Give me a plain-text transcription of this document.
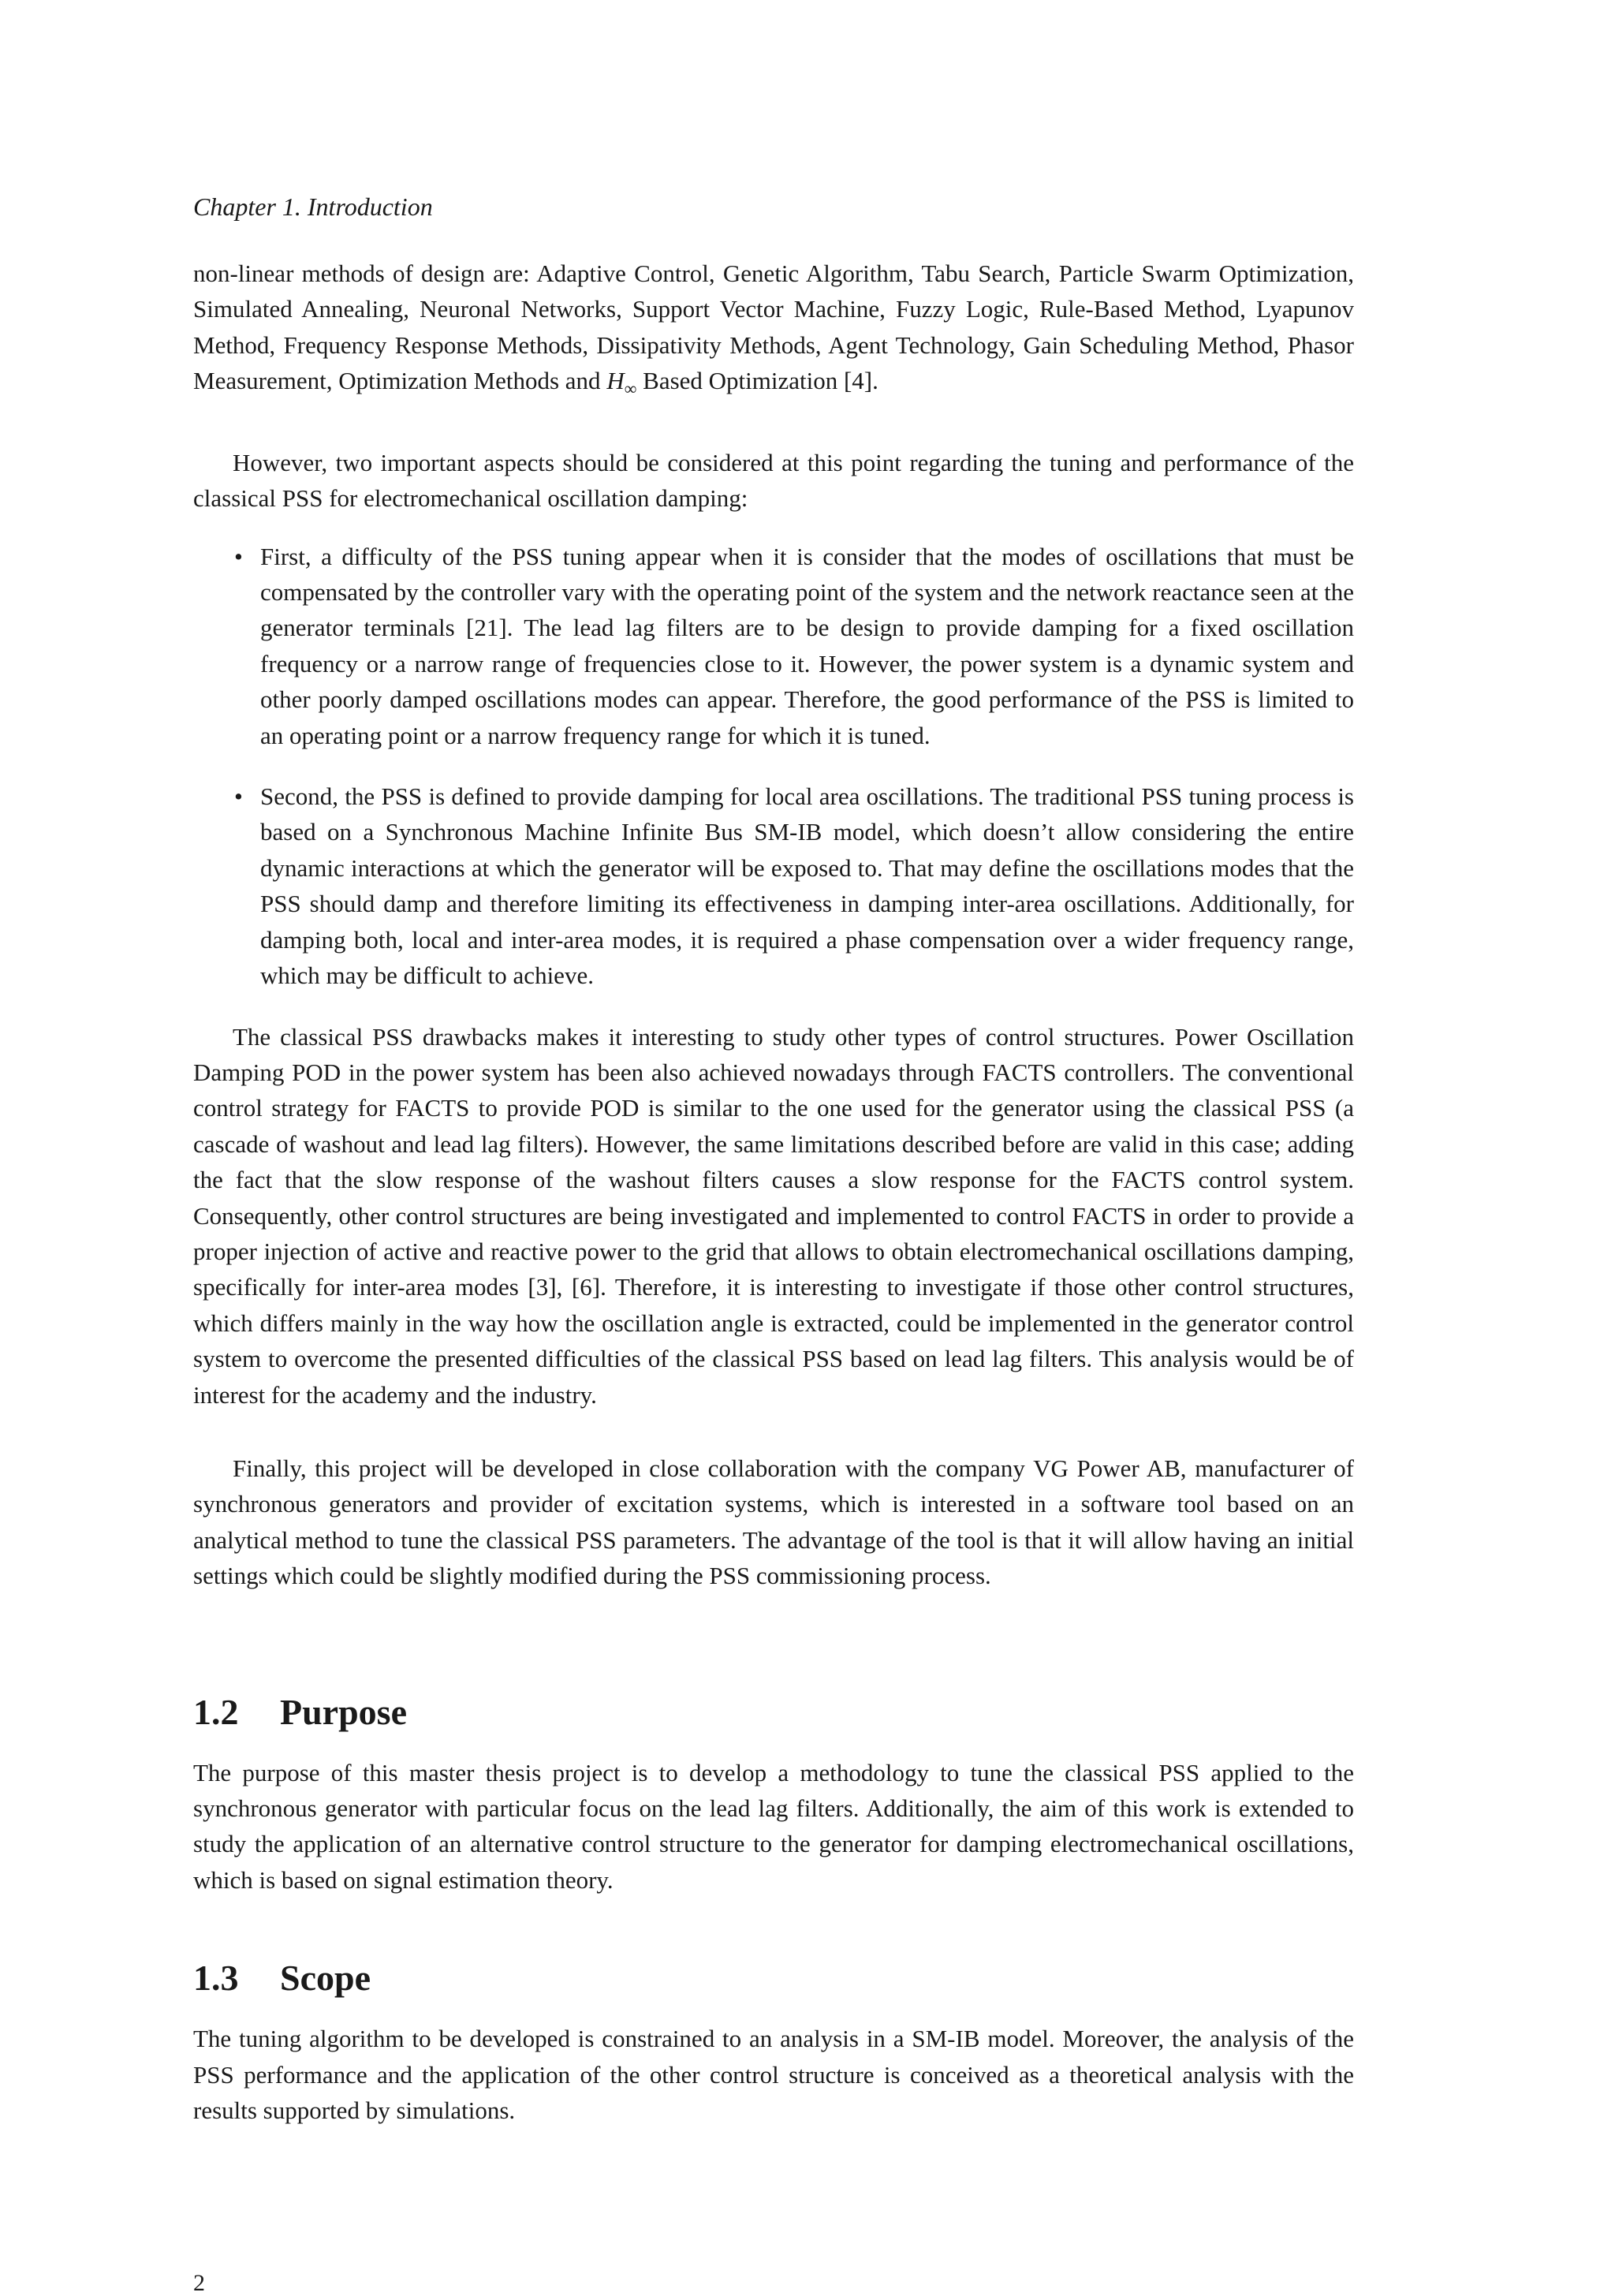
Chapter 1. Introduction

non-linear methods of design are: Adaptive Control, Genetic Algorithm, Tabu Search, Particle Swarm Optimization, Simulated Annealing, Neuronal Networks, Support Vector Machine, Fuzzy Logic, Rule-Based Method, Lyapunov Method, Frequency Response Methods, Dissipativity Methods, Agent Technology, Gain Scheduling Method, Phasor Measurement, Optimization Methods and $H_\infty$ Based Optimization [4].

However, two important aspects should be considered at this point regarding the tuning and performance of the classical PSS for electromechanical oscillation damping:

• First, a difficulty of the PSS tuning appear when it is consider that the modes of oscillations that must be compensated by the controller vary with the operating point of the system and the network reactance seen at the generator terminals [21]. The lead lag filters are to be design to provide damping for a fixed oscillation frequency or a narrow range of frequencies close to it. However, the power system is a dynamic system and other poorly damped oscillations modes can appear. Therefore, the good performance of the PSS is limited to an operating point or a narrow frequency range for which it is tuned.

• Second, the PSS is defined to provide damping for local area oscillations. The traditional PSS tuning process is based on a Synchronous Machine Infinite Bus SM-IB model, which doesn’t allow considering the entire dynamic interactions at which the generator will be exposed to. That may define the oscillations modes that the PSS should damp and therefore limiting its effectiveness in damping inter-area oscillations. Additionally, for damping both, local and inter-area modes, it is required a phase compensation over a wider frequency range, which may be difficult to achieve.

The classical PSS drawbacks makes it interesting to study other types of control structures. Power Oscillation Damping POD in the power system has been also achieved nowadays through FACTS controllers. The conventional control strategy for FACTS to provide POD is similar to the one used for the generator using the classical PSS (a cascade of washout and lead lag filters). However, the same limitations described before are valid in this case; adding the fact that the slow response of the washout filters causes a slow response for the FACTS control system. Consequently, other control structures are being investigated and implemented to control FACTS in order to provide a proper injection of active and reactive power to the grid that allows to obtain electromechanical oscillations damping, specifically for inter-area modes [3], [6]. Therefore, it is interesting to investigate if those other control structures, which differs mainly in the way how the oscillation angle is extracted, could be implemented in the generator control system to overcome the presented difficulties of the classical PSS based on lead lag filters. This analysis would be of interest for the academy and the industry.

Finally, this project will be developed in close collaboration with the company VG Power AB, manufacturer of synchronous generators and provider of excitation systems, which is interested in a software tool based on an analytical method to tune the classical PSS parameters. The advantage of the tool is that it will allow having an initial settings which could be slightly modified during the PSS commissioning process.

1.2 Purpose

The purpose of this master thesis project is to develop a methodology to tune the classical PSS applied to the synchronous generator with particular focus on the lead lag filters. Additionally, the aim of this work is extended to study the application of an alternative control structure to the generator for damping electromechanical oscillations, which is based on signal estimation theory.

1.3 Scope

The tuning algorithm to be developed is constrained to an analysis in a SM-IB model. Moreover, the analysis of the PSS performance and the application of the other control structure is conceived as a theoretical analysis with the results supported by simulations.

2
